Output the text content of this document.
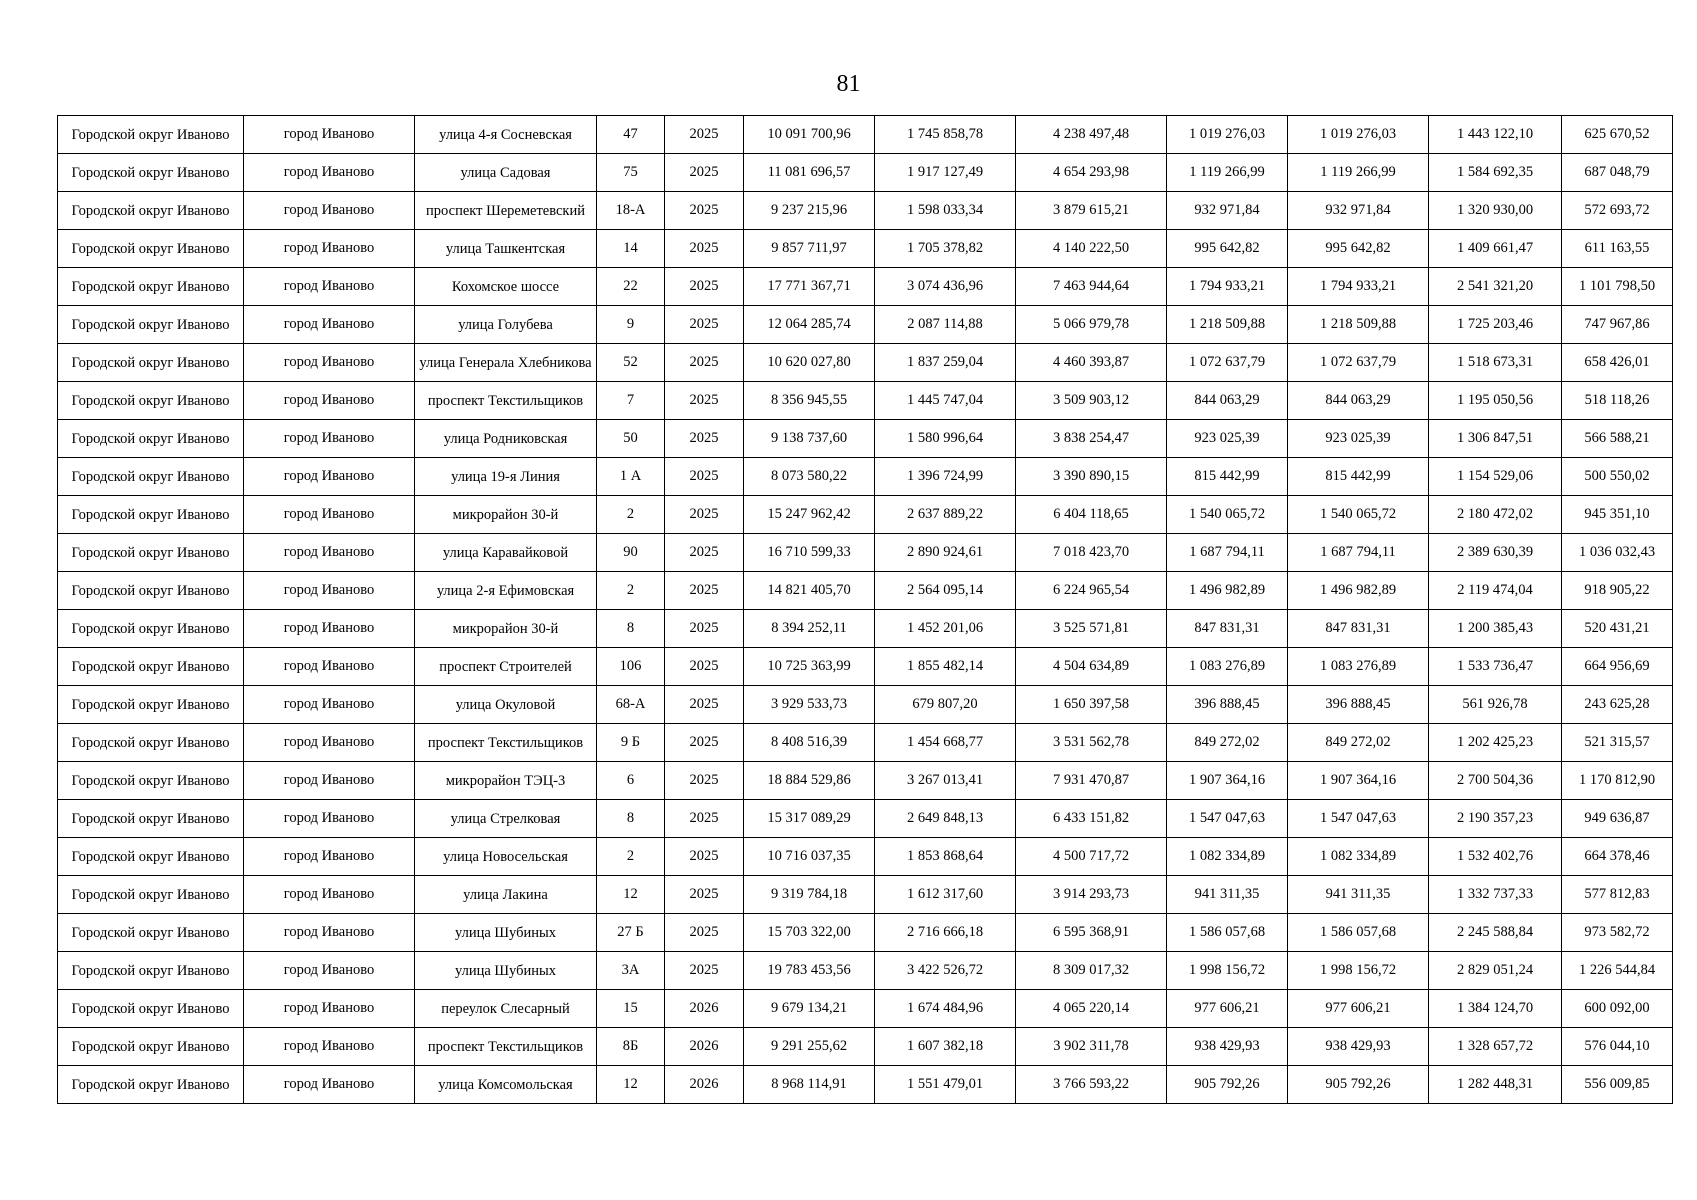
81
Городской округ Иваново	город Иваново	улица 4-я Сосневская	47	2025	10 091 700,96	1 745 858,78	4 238 497,48	1 019 276,03	1 019 276,03	1 443 122,10	625 670,52
Городской округ Иваново	город Иваново	улица Садовая	75	2025	11 081 696,57	1 917 127,49	4 654 293,98	1 119 266,99	1 119 266,99	1 584 692,35	687 048,79
Городской округ Иваново	город Иваново	проспект Шереметевский	18-А	2025	9 237 215,96	1 598 033,34	3 879 615,21	932 971,84	932 971,84	1 320 930,00	572 693,72
Городской округ Иваново	город Иваново	улица Ташкентская	14	2025	9 857 711,97	1 705 378,82	4 140 222,50	995 642,82	995 642,82	1 409 661,47	611 163,55
Городской округ Иваново	город Иваново	Кохомское шоссе	22	2025	17 771 367,71	3 074 436,96	7 463 944,64	1 794 933,21	1 794 933,21	2 541 321,20	1 101 798,50
Городской округ Иваново	город Иваново	улица Голубева	9	2025	12 064 285,74	2 087 114,88	5 066 979,78	1 218 509,88	1 218 509,88	1 725 203,46	747 967,86
Городской округ Иваново	город Иваново	улица Генерала Хлебникова	52	2025	10 620 027,80	1 837 259,04	4 460 393,87	1 072 637,79	1 072 637,79	1 518 673,31	658 426,01
Городской округ Иваново	город Иваново	проспект Текстильщиков	7	2025	8 356 945,55	1 445 747,04	3 509 903,12	844 063,29	844 063,29	1 195 050,56	518 118,26
Городской округ Иваново	город Иваново	улица Родниковская	50	2025	9 138 737,60	1 580 996,64	3 838 254,47	923 025,39	923 025,39	1 306 847,51	566 588,21
Городской округ Иваново	город Иваново	улица 19-я Линия	1 А	2025	8 073 580,22	1 396 724,99	3 390 890,15	815 442,99	815 442,99	1 154 529,06	500 550,02
Городской округ Иваново	город Иваново	микрорайон 30-й	2	2025	15 247 962,42	2 637 889,22	6 404 118,65	1 540 065,72	1 540 065,72	2 180 472,02	945 351,10
Городской округ Иваново	город Иваново	улица Каравайковой	90	2025	16 710 599,33	2 890 924,61	7 018 423,70	1 687 794,11	1 687 794,11	2 389 630,39	1 036 032,43
Городской округ Иваново	город Иваново	улица 2-я Ефимовская	2	2025	14 821 405,70	2 564 095,14	6 224 965,54	1 496 982,89	1 496 982,89	2 119 474,04	918 905,22
Городской округ Иваново	город Иваново	микрорайон 30-й	8	2025	8 394 252,11	1 452 201,06	3 525 571,81	847 831,31	847 831,31	1 200 385,43	520 431,21
Городской округ Иваново	город Иваново	проспект Строителей	106	2025	10 725 363,99	1 855 482,14	4 504 634,89	1 083 276,89	1 083 276,89	1 533 736,47	664 956,69
Городской округ Иваново	город Иваново	улица Окуловой	68-А	2025	3 929 533,73	679 807,20	1 650 397,58	396 888,45	396 888,45	561 926,78	243 625,28
Городской округ Иваново	город Иваново	проспект Текстильщиков	9 Б	2025	8 408 516,39	1 454 668,77	3 531 562,78	849 272,02	849 272,02	1 202 425,23	521 315,57
Городской округ Иваново	город Иваново	микрорайон ТЭЦ-3	6	2025	18 884 529,86	3 267 013,41	7 931 470,87	1 907 364,16	1 907 364,16	2 700 504,36	1 170 812,90
Городской округ Иваново	город Иваново	улица Стрелковая	8	2025	15 317 089,29	2 649 848,13	6 433 151,82	1 547 047,63	1 547 047,63	2 190 357,23	949 636,87
Городской округ Иваново	город Иваново	улица Новосельская	2	2025	10 716 037,35	1 853 868,64	4 500 717,72	1 082 334,89	1 082 334,89	1 532 402,76	664 378,46
Городской округ Иваново	город Иваново	улица Лакина	12	2025	9 319 784,18	1 612 317,60	3 914 293,73	941 311,35	941 311,35	1 332 737,33	577 812,83
Городской округ Иваново	город Иваново	улица Шубиных	27 Б	2025	15 703 322,00	2 716 666,18	6 595 368,91	1 586 057,68	1 586 057,68	2 245 588,84	973 582,72
Городской округ Иваново	город Иваново	улица Шубиных	3А	2025	19 783 453,56	3 422 526,72	8 309 017,32	1 998 156,72	1 998 156,72	2 829 051,24	1 226 544,84
Городской округ Иваново	город Иваново	переулок Слесарный	15	2026	9 679 134,21	1 674 484,96	4 065 220,14	977 606,21	977 606,21	1 384 124,70	600 092,00
Городской округ Иваново	город Иваново	проспект Текстильщиков	8Б	2026	9 291 255,62	1 607 382,18	3 902 311,78	938 429,93	938 429,93	1 328 657,72	576 044,10
Городской округ Иваново	город Иваново	улица Комсомольская	12	2026	8 968 114,91	1 551 479,01	3 766 593,22	905 792,26	905 792,26	1 282 448,31	556 009,85
